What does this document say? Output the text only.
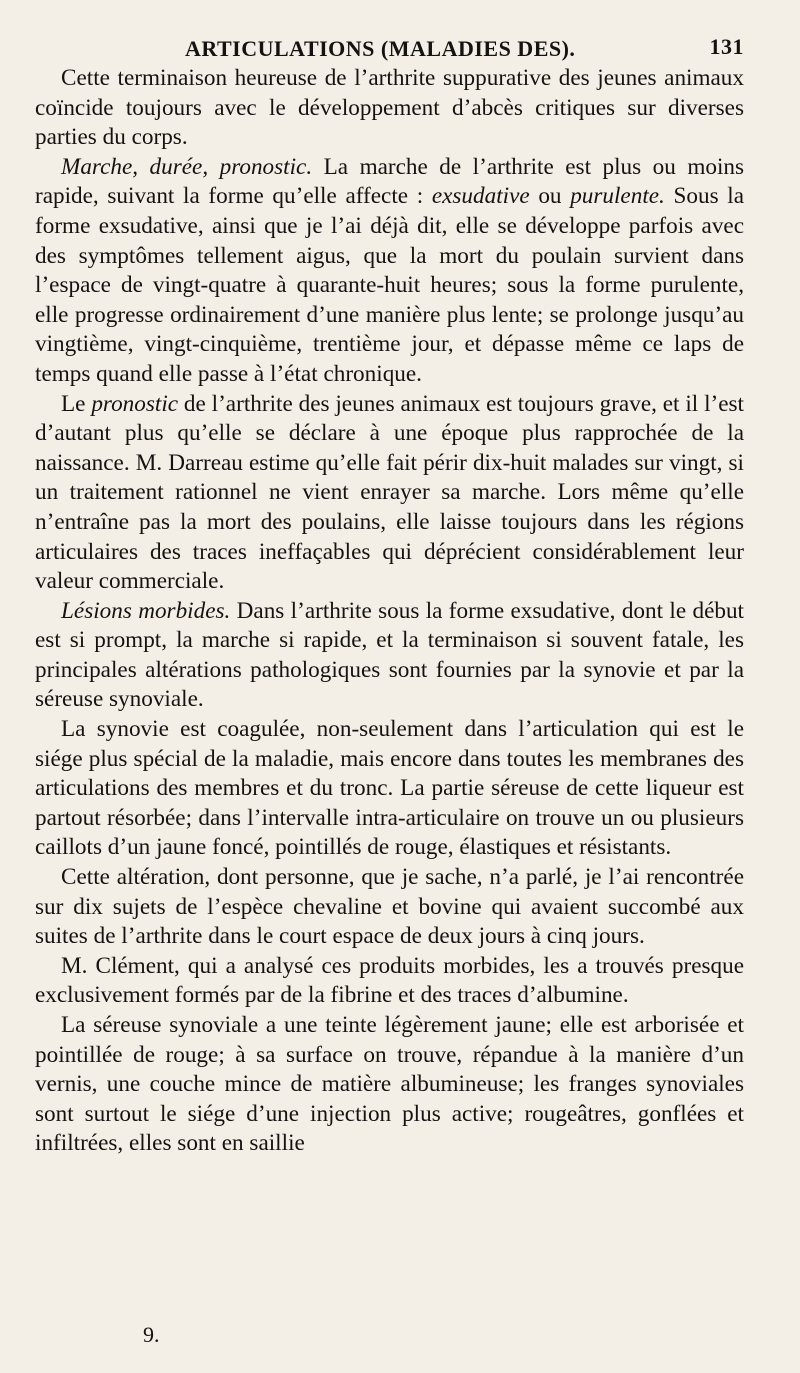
ARTICULATIONS (MALADIES DES).	131

Cette terminaison heureuse de l’arthrite suppurative des jeunes animaux coïncide toujours avec le développement d’abcès critiques sur diverses parties du corps.

Marche, durée, pronostic. La marche de l’arthrite est plus ou moins rapide, suivant la forme qu’elle affecte : exsudative ou purulente. Sous la forme exsudative, ainsi que je l’ai déjà dit, elle se développe parfois avec des symptômes tellement aigus, que la mort du poulain survient dans l’espace de vingt-quatre à quarante-huit heures; sous la forme purulente, elle progresse ordinairement d’une manière plus lente; se prolonge jusqu’au vingtième, vingt-cinquième, trentième jour, et dépasse même ce laps de temps quand elle passe à l’état chronique.

Le pronostic de l’arthrite des jeunes animaux est toujours grave, et il l’est d’autant plus qu’elle se déclare à une époque plus rapprochée de la naissance. M. Darreau estime qu’elle fait périr dix-huit malades sur vingt, si un traitement rationnel ne vient enrayer sa marche. Lors même qu’elle n’entraîne pas la mort des poulains, elle laisse toujours dans les régions articulaires des traces ineffaçables qui déprécient considérablement leur valeur commerciale.

Lésions morbides. Dans l’arthrite sous la forme exsudative, dont le début est si prompt, la marche si rapide, et la terminaison si souvent fatale, les principales altérations pathologiques sont fournies par la synovie et par la séreuse synoviale.

La synovie est coagulée, non-seulement dans l’articulation qui est le siége plus spécial de la maladie, mais encore dans toutes les membranes des articulations des membres et du tronc. La partie séreuse de cette liqueur est partout résorbée; dans l’intervalle intra-articulaire on trouve un ou plusieurs caillots d’un jaune foncé, pointillés de rouge, élastiques et résistants.

Cette altération, dont personne, que je sache, n’a parlé, je l’ai rencontrée sur dix sujets de l’espèce chevaline et bovine qui avaient succombé aux suites de l’arthrite dans le court espace de deux jours à cinq jours.

M. Clément, qui a analysé ces produits morbides, les a trouvés presque exclusivement formés par de la fibrine et des traces d’albumine.

La séreuse synoviale a une teinte légèrement jaune; elle est arborisée et pointillée de rouge; à sa surface on trouve, répandue à la manière d’un vernis, une couche mince de matière albumineuse; les franges synoviales sont surtout le siége d’une injection plus active; rougeâtres, gonflées et infiltrées, elles sont en saillie

9.
